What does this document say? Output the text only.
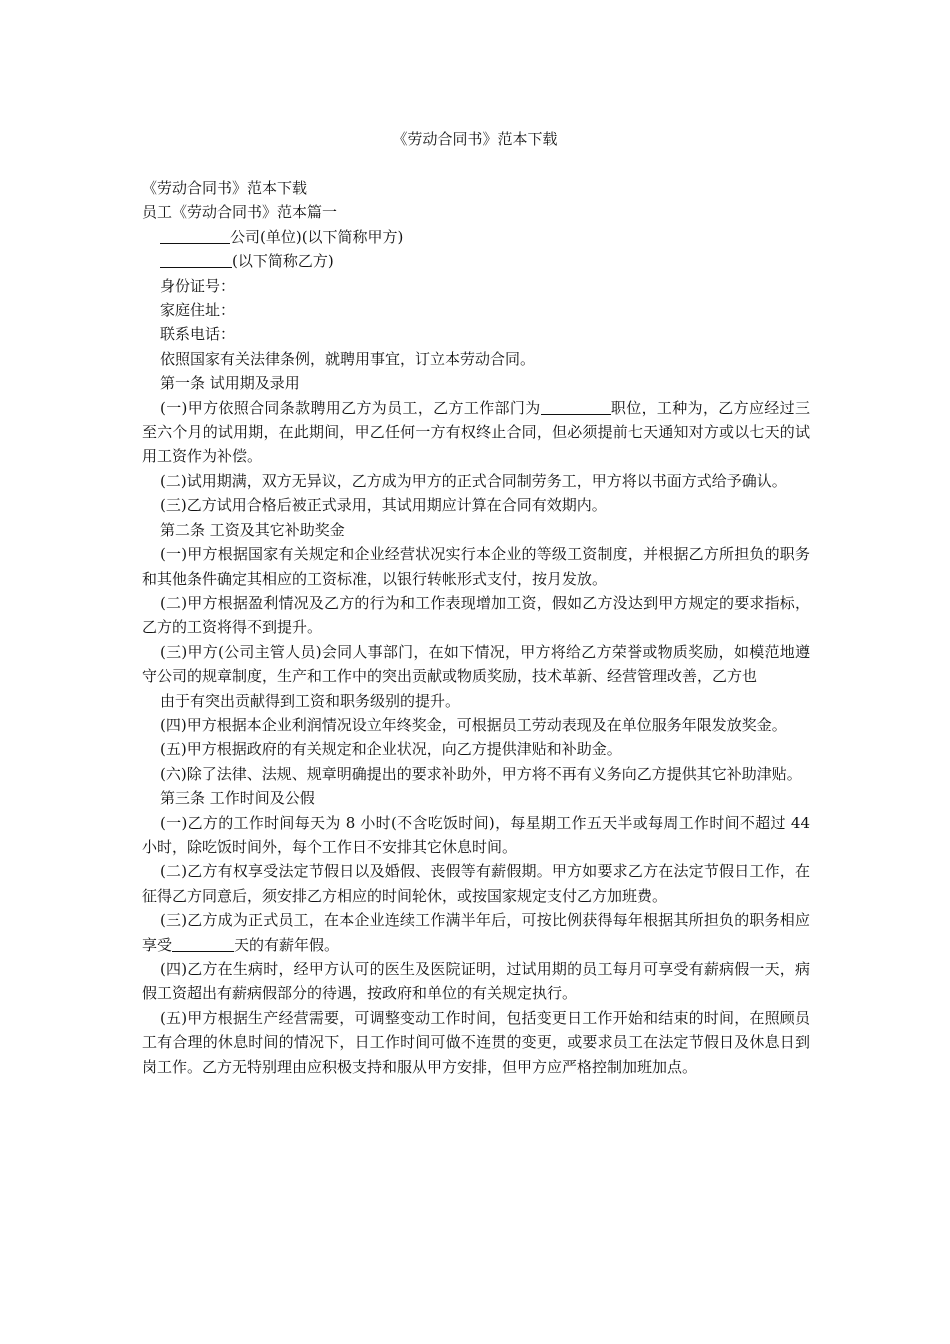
《劳动合同书》范本下载

《劳动合同书》范本下载

员工《劳动合同书》范本篇一

公司(单位)(以下简称甲方)

(以下简称乙方)

身份证号：

家庭住址：

联系电话：

依照国家有关法律条例，就聘用事宜，订立本劳动合同。

第一条 试用期及录用

(一)甲方依照合同条款聘用乙方为员工，乙方工作部门为	职位，工种为，乙方应经过三至六个月的试用期，在此期间，甲乙任何一方有权终止合同，但必须提前七天通知对方或以七天的试用工资作为补偿。

(二)试用期满，双方无异议，乙方成为甲方的正式合同制劳务工，甲方将以书面方式给予确认。

(三)乙方试用合格后被正式录用，其试用期应计算在合同有效期内。

第二条 工资及其它补助奖金

(一)甲方根据国家有关规定和企业经营状况实行本企业的等级工资制度，并根据乙方所担负的职务和其他条件确定其相应的工资标准，以银行转帐形式支付，按月发放。

(二)甲方根据盈利情况及乙方的行为和工作表现增加工资，假如乙方没达到甲方规定的要求指标，乙方的工资将得不到提升。

(三)甲方(公司主管人员)会同人事部门，在如下情况，甲方将给乙方荣誉或物质奖励，如模范地遵守公司的规章制度，生产和工作中的突出贡献或物质奖励，技术革新、经营管理改善，乙方也

由于有突出贡献得到工资和职务级别的提升。

(四)甲方根据本企业利润情况设立年终奖金，可根据员工劳动表现及在单位服务年限发放奖金。

(五)甲方根据政府的有关规定和企业状况，向乙方提供津贴和补助金。

(六)除了法律、法规、规章明确提出的要求补助外，甲方将不再有义务向乙方提供其它补助津贴。

第三条 工作时间及公假

(一)乙方的工作时间每天为 8 小时(不含吃饭时间)，每星期工作五天半或每周工作时间不超过 44 小时，除吃饭时间外，每个工作日不安排其它休息时间。

(二)乙方有权享受法定节假日以及婚假、丧假等有薪假期。甲方如要求乙方在法定节假日工作，在征得乙方同意后，须安排乙方相应的时间轮休，或按国家规定支付乙方加班费。

(三)乙方成为正式员工，在本企业连续工作满半年后，可按比例获得每年根据其所担负的职务相应享受	天的有薪年假。

(四)乙方在生病时，经甲方认可的医生及医院证明，过试用期的员工每月可享受有薪病假一天，病假工资超出有薪病假部分的待遇，按政府和单位的有关规定执行。

(五)甲方根据生产经营需要，可调整变动工作时间，包括变更日工作开始和结束的时间，在照顾员工有合理的休息时间的情况下，日工作时间可做不连贯的变更，或要求员工在法定节假日及休息日到岗工作。乙方无特别理由应积极支持和服从甲方安排，但甲方应严格控制加班加点。
